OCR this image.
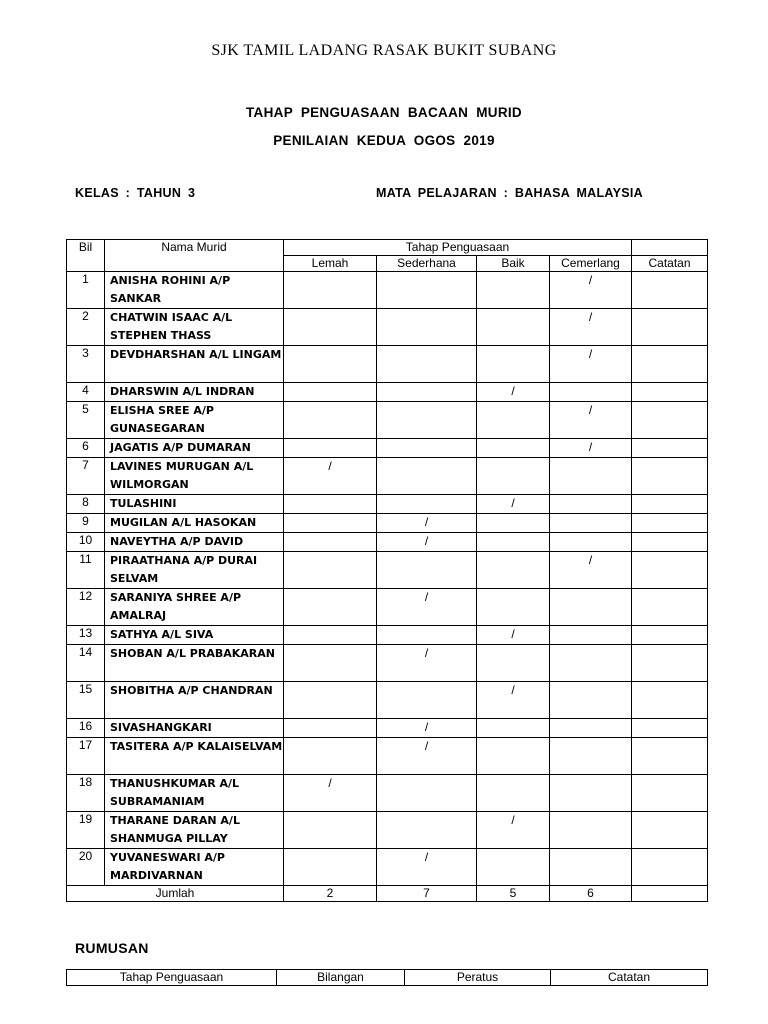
SJK TAMIL LADANG RASAK BUKIT SUBANG
TAHAP PENGUASAAN BACAAN MURID
PENILAIAN KEDUA OGOS 2019
KELAS : TAHUN 3	MATA PELAJARAN : BAHASA MALAYSIA
Bil	Nama Murid	Tahap Penguasaan				
		Lemah	Sederhana	Baik	Cemerlang	Catatan
1	ANISHA ROHINI A/P SANKAR				/	
2	CHATWIN ISAAC A/L STEPHEN THASS				/	
3	DEVDHARSHAN A/L LINGAM				/	
4	DHARSWIN A/L INDRAN			/		
5	ELISHA SREE A/P GUNASEGARAN				/	
6	JAGATIS A/P DUMARAN				/	
7	LAVINES MURUGAN A/L WILMORGAN	/				
8	TULASHINI			/		
9	MUGILAN A/L HASOKAN		/			
10	NAVEYTHA A/P DAVID		/			
11	PIRAATHANA A/P DURAI SELVAM				/	
12	SARANIYA SHREE A/P AMALRAJ		/			
13	SATHYA A/L SIVA			/		
14	SHOBAN A/L PRABAKARAN		/			
15	SHOBITHA A/P CHANDRAN			/		
16	SIVASHANGKARI		/			
17	TASITERA A/P KALAISELVAM		/			
18	THANUSHKUMAR A/L SUBRAMANIAM	/				
19	THARANE DARAN A/L SHANMUGA PILLAY			/		
20	YUVANESWARI A/P MARDIVARNAN		/			
Jumlah		2	7	5	6	
RUMUSAN
Tahap Penguasaan	Bilangan	Peratus	Catatan
